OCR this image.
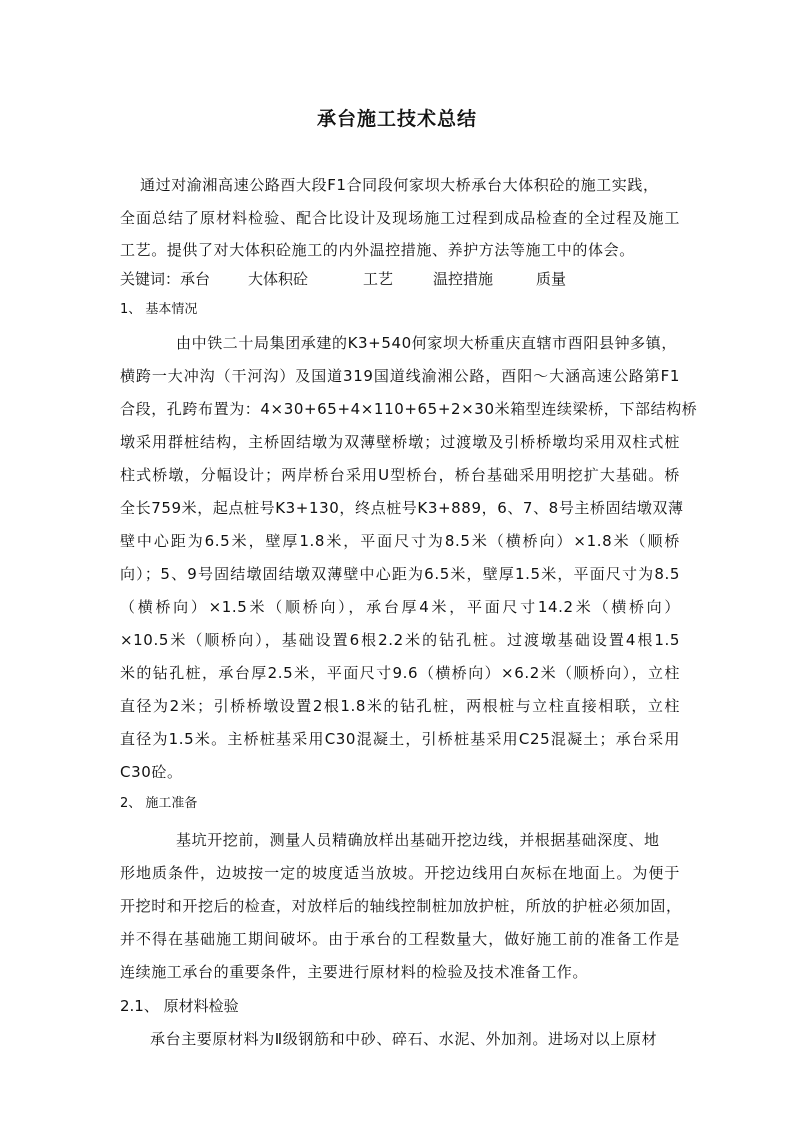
承台施工技术总结
通过对渝湘高速公路酉大段F1合同段何家坝大桥承台大体积砼的施工实践，
全面总结了原材料检验、配合比设计及现场施工过程到成品检查的全过程及施工
工艺。提供了对大体积砼施工的内外温控措施、养护方法等施工中的体会。
关键词： 承台	大体积砼	工艺	温控措施	质量
1、 基本情况
由中铁二十局集团承建的K3+540何家坝大桥重庆直辖市酉阳县钟多镇，
横跨一大冲沟（干河沟）及国道319国道线渝湘公路，酉阳～大涵高速公路第F1
合段，孔跨布置为：4×30+65+4×110+65+2×30米箱型连续梁桥，下部结构桥
墩采用群桩结构，主桥固结墩为双薄壁桥墩；过渡墩及引桥桥墩均采用双柱式桩
柱式桥墩，分幅设计；两岸桥台采用U型桥台，桥台基础采用明挖扩大基础。桥
全长759米，起点桩号K3+130，终点桩号K3+889，6、7、8号主桥固结墩双薄
壁中心距为6.5米，壁厚1.8米，平面尺寸为8.5米（横桥向）×1.8米（顺桥
向）；5、9号固结墩固结墩双薄壁中心距为6.5米，壁厚1.5米，平面尺寸为8.5
（横桥向）×1.5米（顺桥向），承台厚4米，平面尺寸14.2米（横桥向）
×10.5米（顺桥向），基础设置6根2.2米的钻孔桩。过渡墩基础设置4根1.5
米的钻孔桩，承台厚2.5米，平面尺寸9.6（横桥向）×6.2米（顺桥向），立柱
直径为2米；引桥桥墩设置2根1.8米的钻孔桩，两根桩与立柱直接相联，立柱
直径为1.5米。主桥桩基采用C30混凝土，引桥桩基采用C25混凝土；承台采用
C30砼。
2、 施工准备
基坑开挖前，测量人员精确放样出基础开挖边线，并根据基础深度、地
形地质条件，边坡按一定的坡度适当放坡。开挖边线用白灰标在地面上。为便于
开挖时和开挖后的检查，对放样后的轴线控制桩加放护桩，所放的护桩必须加固，
并不得在基础施工期间破坏。由于承台的工程数量大，做好施工前的准备工作是
连续施工承台的重要条件，主要进行原材料的检验及技术准备工作。
2.1、 原材料检验
承台主要原材料为Ⅱ级钢筋和中砂、碎石、水泥、外加剂。进场对以上原材
